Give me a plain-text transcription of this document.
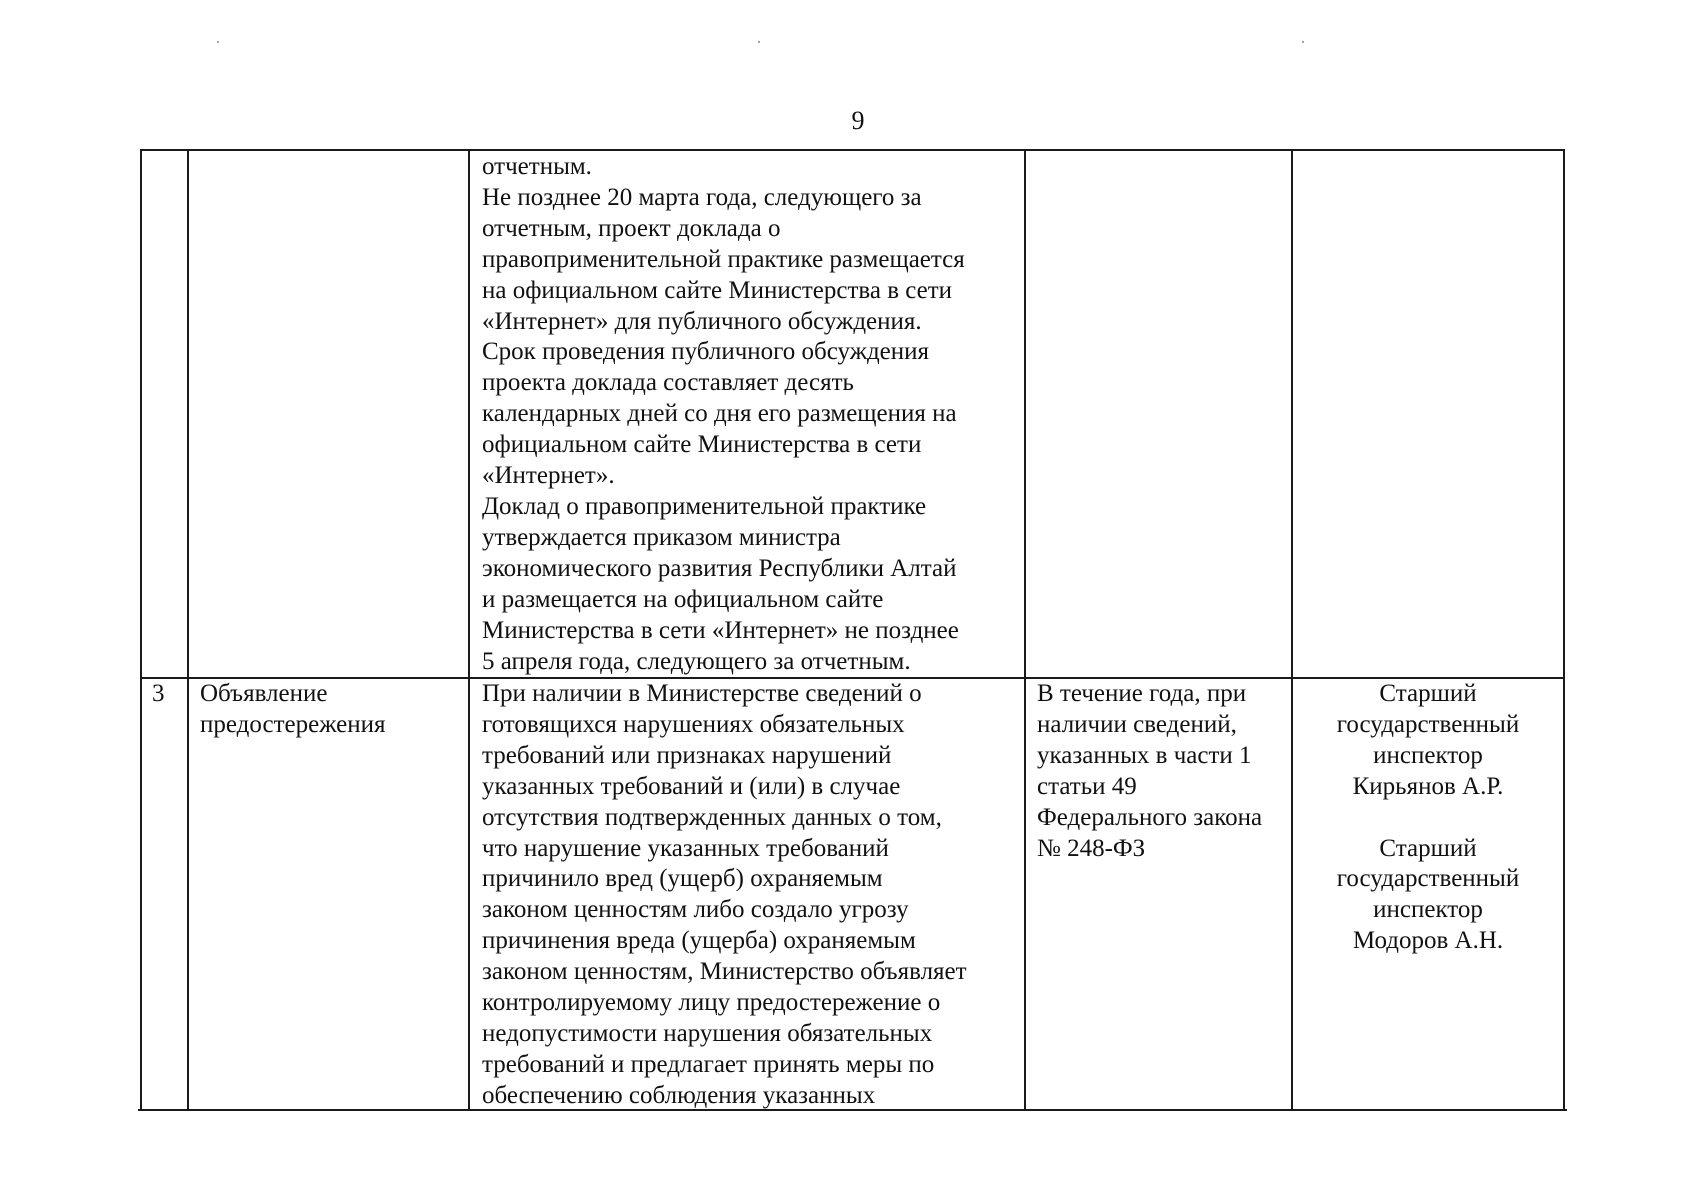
9
отчетным.
Не позднее 20 марта года, следующего за
отчетным, проект доклада о
правоприменительной практике размещается
на официальном сайте Министерства в сети
«Интернет» для публичного обсуждения.
Срок проведения публичного обсуждения
проекта доклада составляет десять
календарных дней со дня его размещения на
официальном сайте Министерства в сети
«Интернет».
Доклад о правоприменительной практике
утверждается приказом министра
экономического развития Республики Алтай
и размещается на официальном сайте
Министерства в сети «Интернет» не позднее
5 апреля года, следующего за отчетным.
3 Объявление
предостережения
При наличии в Министерстве сведений о
готовящихся нарушениях обязательных
требований или признаках нарушений
указанных требований и (или) в случае
отсутствия подтвержденных данных о том,
что нарушение указанных требований
причинило вред (ущерб) охраняемым
законом ценностям либо создало угрозу
причинения вреда (ущерба) охраняемым
законом ценностям, Министерство объявляет
контролируемому лицу предостережение о
недопустимости нарушения обязательных
требований и предлагает принять меры по
обеспечению соблюдения указанных
В течение года, при
наличии сведений,
указанных в части 1
статьи 49
Федерального закона
№ 248-ФЗ
Старший
государственный
инспектор
Кирьянов А.Р.
Старший
государственный
инспектор
Модоров А.Н.
